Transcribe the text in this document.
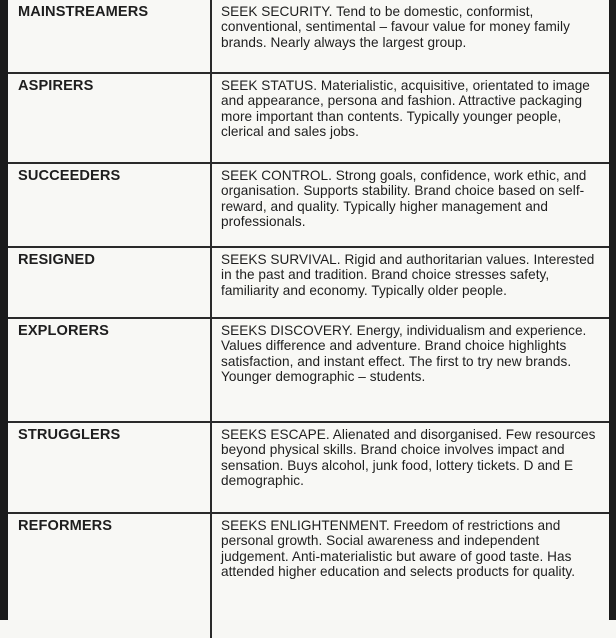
MAINSTREAMERS	SEEK SECURITY. Tend to be domestic, conformist, conventional, sentimental – favour value for money family brands. Nearly always the largest group.
ASPIRERS	SEEK STATUS. Materialistic, acquisitive, orientated to image and appearance, persona and fashion. Attractive packaging more important than contents. Typically younger people, clerical and sales jobs.
SUCCEEDERS	SEEK CONTROL. Strong goals, confidence, work ethic, and organisation. Supports stability. Brand choice based on self-reward, and quality. Typically higher management and professionals.
RESIGNED	SEEKS SURVIVAL. Rigid and authoritarian values. Interested in the past and tradition. Brand choice stresses safety, familiarity and economy. Typically older people.
EXPLORERS	SEEKS DISCOVERY. Energy, individualism and experience. Values difference and adventure. Brand choice highlights satisfaction, and instant effect. The first to try new brands. Younger demographic – students.
STRUGGLERS	SEEKS ESCAPE. Alienated and disorganised. Few resources beyond physical skills. Brand choice involves impact and sensation. Buys alcohol, junk food, lottery tickets. D and E demographic.
REFORMERS	SEEKS ENLIGHTENMENT. Freedom of restrictions and personal growth. Social awareness and independent judgement. Anti-materialistic but aware of good taste. Has attended higher education and selects products for quality.
